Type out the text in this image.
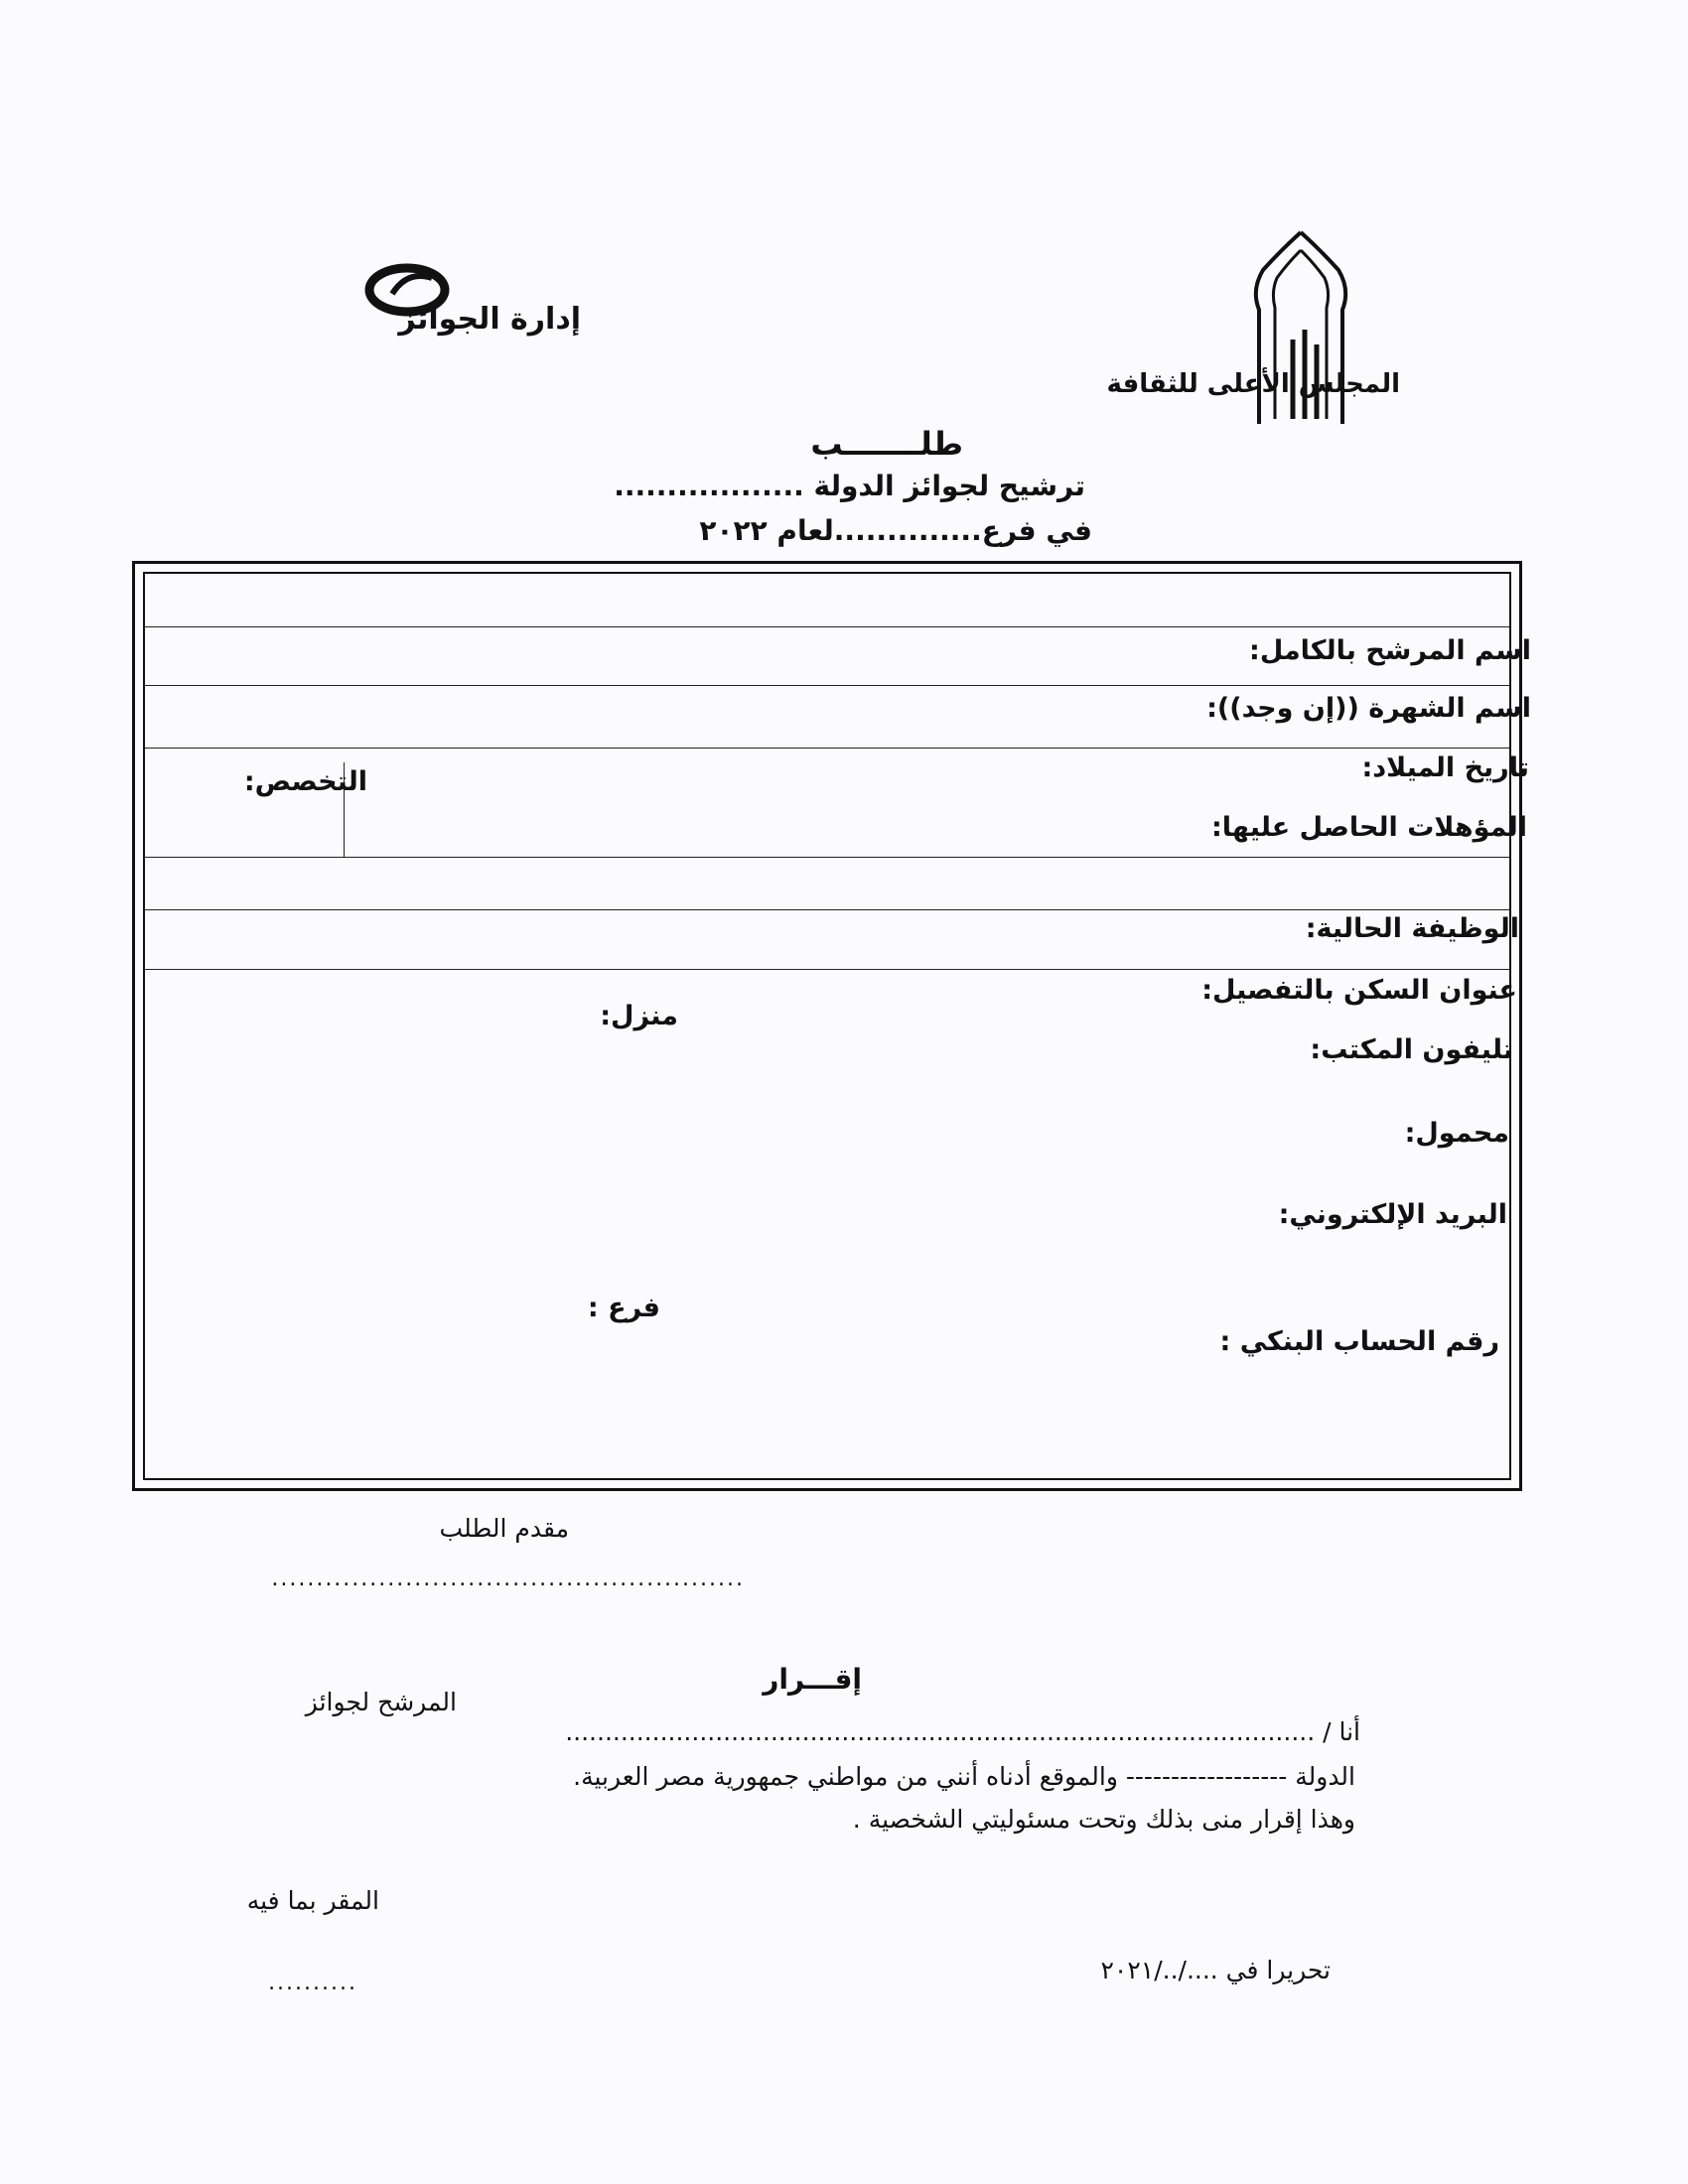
إدارة الجوائز
المجلس الأعلى للثقافة
طلـــــــب
ترشيح لجوائز الدولة ..................
في فرع..............لعام ٢٠٢٢
اسم المرشح بالكامل:
اسم الشهرة ((إن وجد)):
تاريخ الميلاد:
التخصص:
المؤهلات الحاصل عليها:
الوظيفة الحالية:
عنوان السكن بالتفصيل:
منزل:
تليفون المكتب:
محمول:
البريد الإلكتروني:
فرع :
رقم الحساب البنكي :
مقدم الطلب
.....................................................
إقـــرار
المرشح لجوائز
أنا / ...............................................................................................
الدولة ------------------ والموقع أدناه أنني من مواطني جمهورية مصر العربية.
وهذا إقرار منى بذلك وتحت مسئوليتي الشخصية .
المقر بما فيه
..........	تحريرا في ..../../٢٠٢١
